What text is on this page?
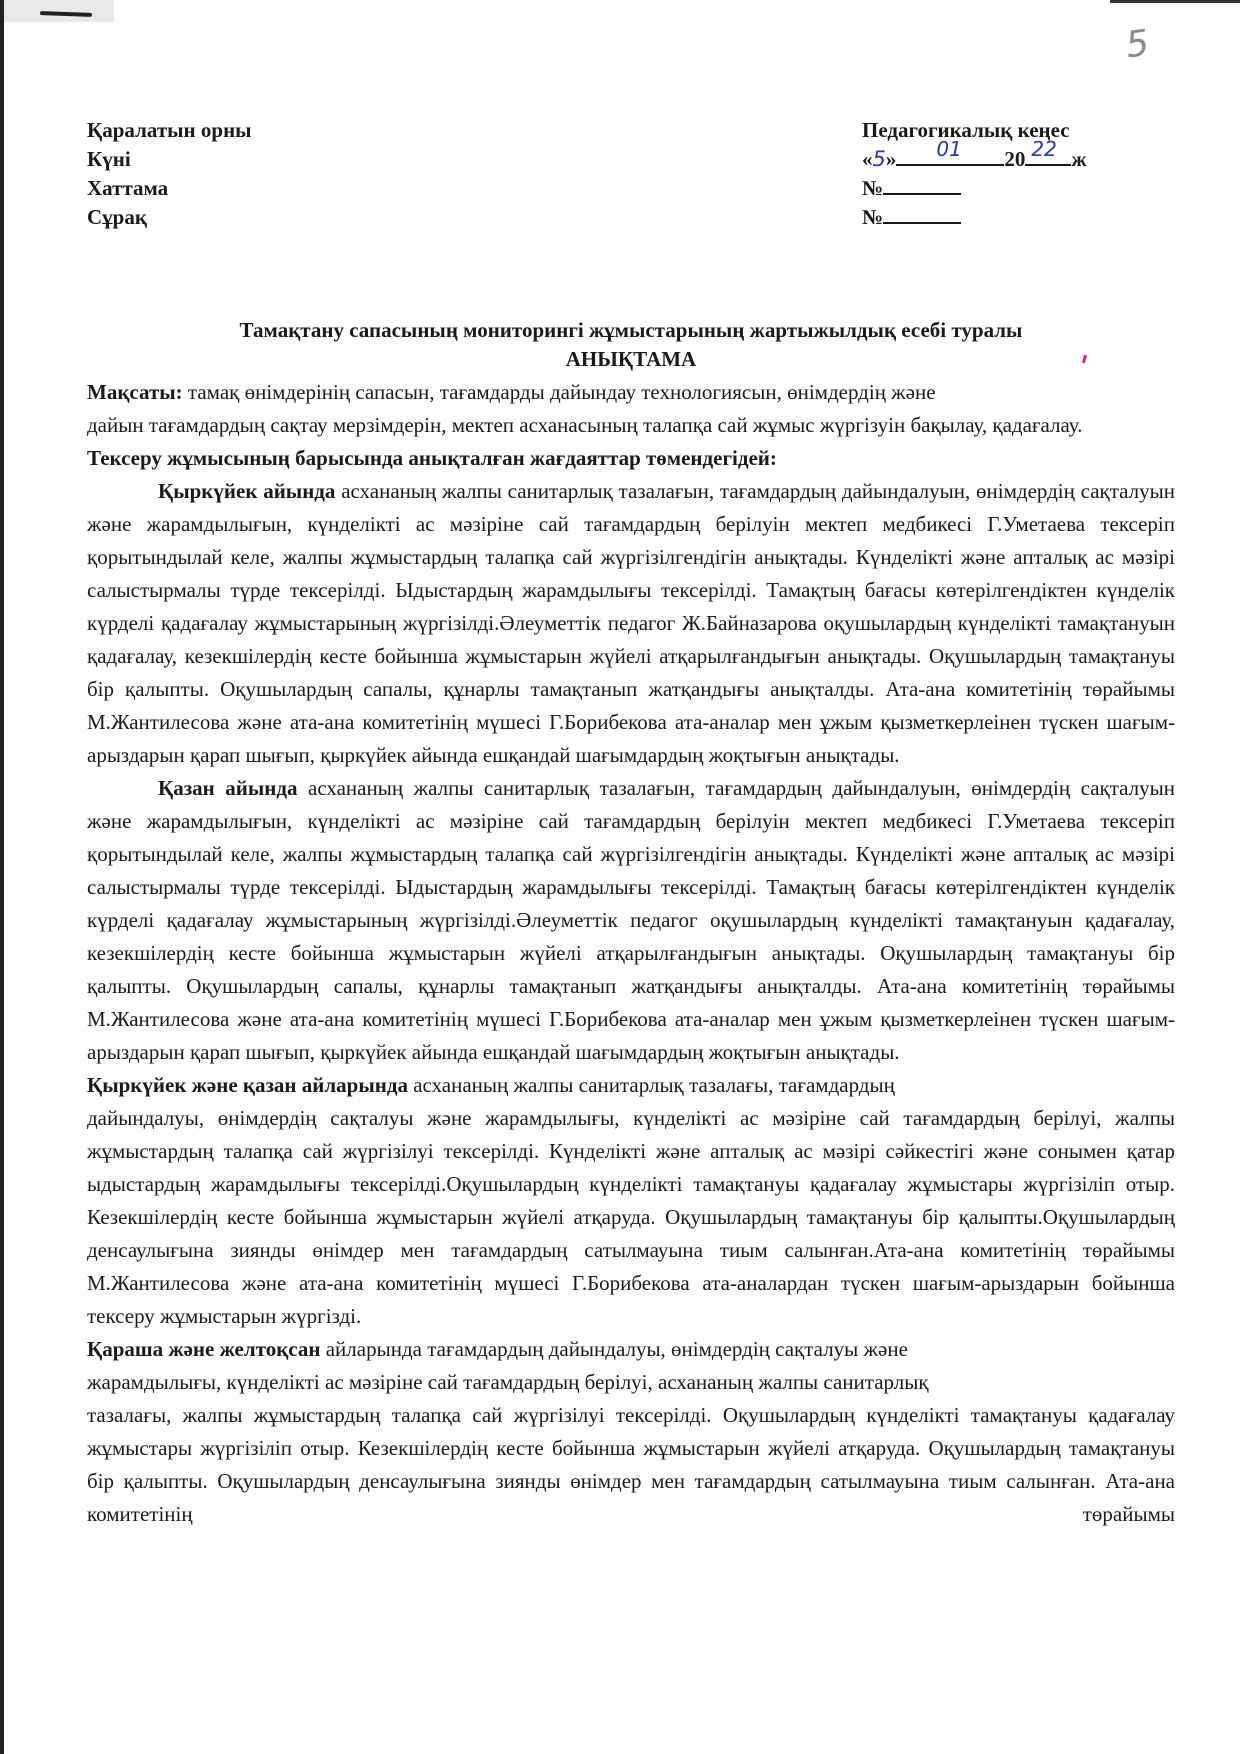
5
Қаралатын орны
Күні
Хаттама
Сұрақ
Педагогикалық кеңес
«5» 01 20 22 ж
№
№
Тамақтану сапасының мониторингі жұмыстарының жартыжылдық есебі туралы
АНЫҚТАМА

Мақсаты: тамақ өнімдерінің сапасын, тағамдарды дайындау технологиясын, өнімдердің және

дайын тағамдардың сақтау мерзімдерін, мектеп асханасының талапқа сай жұмыс жүргізуін бақылау, қадағалау.

Тексеру жұмысының барысында анықталған жағдаяттар төмендегідей:

Қыркүйек айында асхананың жалпы санитарлық тазалағын, тағамдардың дайындалуын, өнімдердің сақталуын және жарамдылығын, күнделікті ас мәзіріне сай тағамдардың берілуін мектеп медбикесі Г.Уметаева тексеріп қорытындылай келе, жалпы жұмыстардың талапқа сай жүргізілгендігін анықтады. Күнделікті және апталық ас мәзірі салыстырмалы түрде тексерілді. Ыдыстардың жарамдылығы тексерілді. Тамақтың бағасы көтерілгендіктен күнделік күрделі қадағалау жұмыстарының жүргізілді.Әлеуметтік педагог Ж.Байназарова оқушылардың күнделікті тамақтануын қадағалау, кезекшілердің кесте бойынша жұмыстарын жүйелі атқарылғандығын анықтады. Оқушылардың тамақтануы бір қалыпты. Оқушылардың сапалы, құнарлы тамақтанып жатқандығы анықталды. Ата-ана комитетінің төрайымы М.Жантилесова және ата-ана комитетінің мүшесі Г.Борибекова ата-аналар мен ұжым қызметкерлеінен түскен шағым-арыздарын қарап шығып, қыркүйек айында ешқандай шағымдардың жоқтығын анықтады.

Қазан айында асхананың жалпы санитарлық тазалағын, тағамдардың дайындалуын, өнімдердің сақталуын және жарамдылығын, күнделікті ас мәзіріне сай тағамдардың берілуін мектеп медбикесі Г.Уметаева тексеріп қорытындылай келе, жалпы жұмыстардың талапқа сай жүргізілгендігін анықтады. Күнделікті және апталық ас мәзірі салыстырмалы түрде тексерілді. Ыдыстардың жарамдылығы тексерілді. Тамақтың бағасы көтерілгендіктен күнделік күрделі қадағалау жұмыстарының жүргізілді.Әлеуметтік педагог оқушылардың күнделікті тамақтануын қадағалау, кезекшілердің кесте бойынша жұмыстарын жүйелі атқарылғандығын анықтады. Оқушылардың тамақтануы бір қалыпты. Оқушылардың сапалы, құнарлы тамақтанып жатқандығы анықталды. Ата-ана комитетінің төрайымы М.Жантилесова және ата-ана комитетінің мүшесі Г.Борибекова ата-аналар мен ұжым қызметкерлеінен түскен шағым-арыздарын қарап шығып, қыркүйек айында ешқандай шағымдардың жоқтығын анықтады.

Қыркүйек және қазан айларында асхананың жалпы санитарлық тазалағы, тағамдардың

дайындалуы, өнімдердің сақталуы және жарамдылығы, күнделікті ас мәзіріне сай тағамдардың берілуі, жалпы жұмыстардың талапқа сай жүргізілуі тексерілді. Күнделікті және апталық ас мәзірі сәйкестігі және сонымен қатар ыдыстардың жарамдылығы тексерілді.Оқушылардың күнделікті тамақтануы қадағалау жұмыстары жүргізіліп отыр. Кезекшілердің кесте бойынша жұмыстарын жүйелі атқаруда. Оқушылардың тамақтануы бір қалыпты.Оқушылардың денсаулығына зиянды өнімдер мен тағамдардың сатылмауына тиым салынған.Ата-ана комитетінің төрайымы М.Жантилесова және ата-ана комитетінің мүшесі Г.Борибекова ата-аналардан түскен шағым-арыздарын бойынша тексеру жұмыстарын жүргізді.

Қараша және желтоқсан айларында тағамдардың дайындалуы, өнімдердің сақталуы және

жарамдылығы, күнделікті ас мәзіріне сай тағамдардың берілуі, асхананың жалпы санитарлық

тазалағы, жалпы жұмыстардың талапқа сай жүргізілуі тексерілді. Оқушылардың күнделікті тамақтануы қадағалау жұмыстары жүргізіліп отыр. Кезекшілердің кесте бойынша жұмыстарын жүйелі атқаруда. Оқушылардың тамақтануы бір қалыпты. Оқушылардың денсаулығына зиянды өнімдер мен тағамдардың сатылмауына тиым салынған. Ата-ана комитетінің төрайымы
